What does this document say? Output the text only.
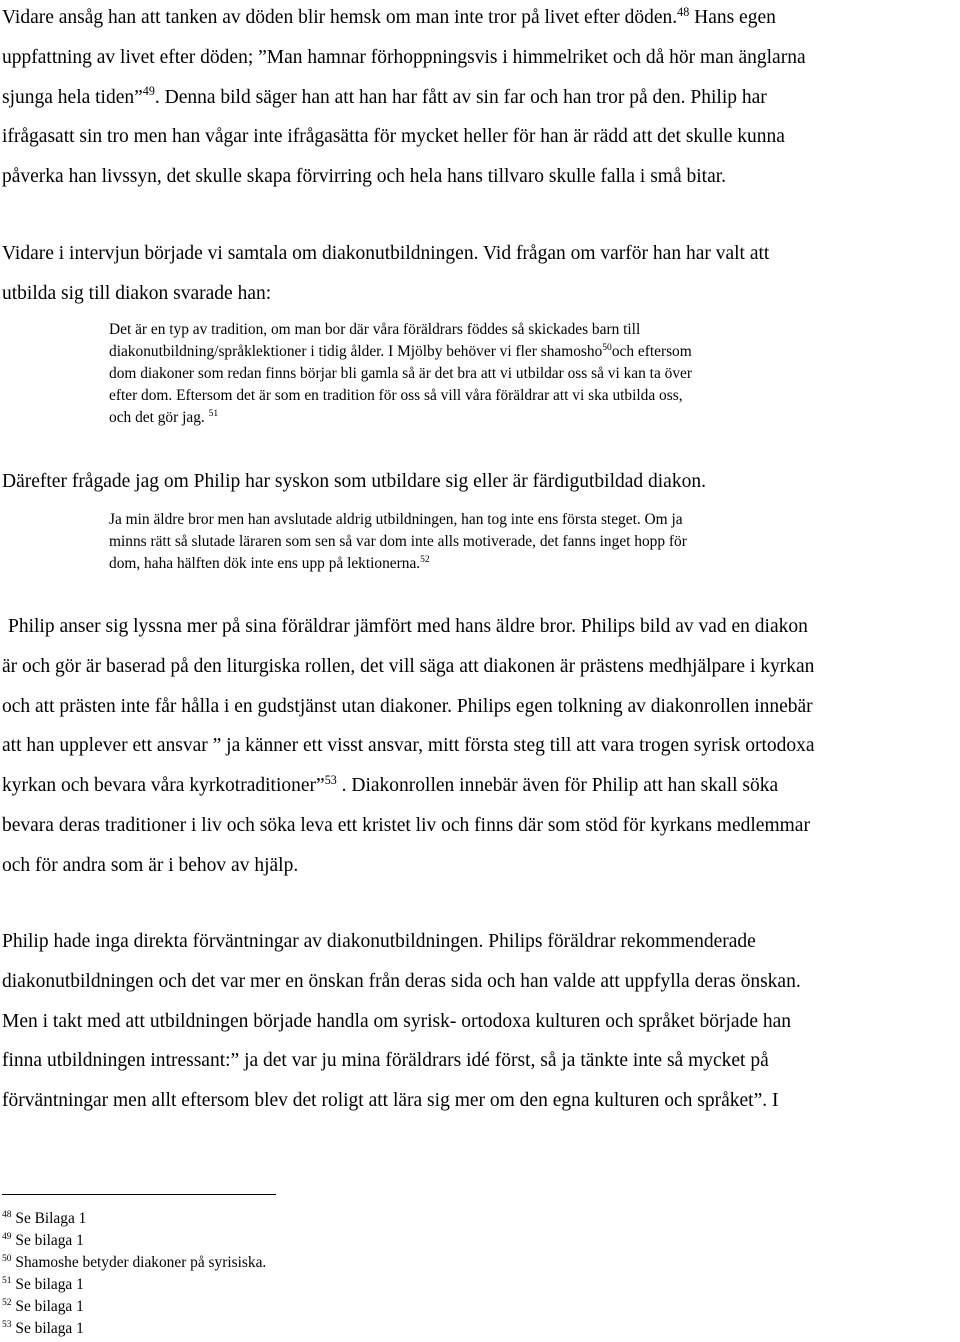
Vidare ansåg han att tanken av döden blir hemsk om man inte tror på livet efter döden.$^{48}$ Hans egen
uppfattning av livet efter döden; ”Man hamnar förhoppningsvis i himmelriket och då hör man änglarna
sjunga hela tiden”$^{49}$. Denna bild säger han att han har fått av sin far och han tror på den. Philip har
ifrågasatt sin tro men han vågar inte ifrågasätta för mycket heller för han är rädd att det skulle kunna
påverka han livssyn, det skulle skapa förvirring och hela hans tillvaro skulle falla i små bitar.
Vidare i intervjun började vi samtala om diakonutbildningen. Vid frågan om varför han har valt att
utbilda sig till diakon svarade han:
Det är en typ av tradition, om man bor där våra föräldrars föddes så skickades barn till
diakonutbildning/språklektioner i tidig ålder. I Mjölby behöver vi fler shamosho$^{50}$och eftersom
dom diakoner som redan finns börjar bli gamla så är det bra att vi utbildar oss så vi kan ta över
efter dom. Eftersom det är som en tradition för oss så vill våra föräldrar att vi ska utbilda oss,
och det gör jag. $^{51}$
Därefter frågade jag om Philip har syskon som utbildare sig eller är färdigutbildad diakon.
Ja min äldre bror men han avslutade aldrig utbildningen, han tog inte ens första steget. Om ja
minns rätt så slutade läraren som sen så var dom inte alls motiverade, det fanns inget hopp för
dom, haha hälften dök inte ens upp på lektionerna.$^{52}$
Philip anser sig lyssna mer på sina föräldrar jämfört med hans äldre bror. Philips bild av vad en diakon
är och gör är baserad på den liturgiska rollen, det vill säga att diakonen är prästens medhjälpare i kyrkan
och att prästen inte får hålla i en gudstjänst utan diakoner. Philips egen tolkning av diakonrollen innebär
att han upplever ett ansvar ” ja känner ett visst ansvar, mitt första steg till att vara trogen syrisk ortodoxa
kyrkan och bevara våra kyrkotraditioner”$^{53}$ . Diakonrollen innebär även för Philip att han skall söka
bevara deras traditioner i liv och söka leva ett kristet liv och finns där som stöd för kyrkans medlemmar
och för andra som är i behov av hjälp.
Philip hade inga direkta förväntningar av diakonutbildningen. Philips föräldrar rekommenderade
diakonutbildningen och det var mer en önskan från deras sida och han valde att uppfylla deras önskan.
Men i takt med att utbildningen började handla om syrisk- ortodoxa kulturen och språket började han
finna utbildningen intressant:” ja det var ju mina föräldrars idé först, så ja tänkte inte så mycket på
förväntningar men allt eftersom blev det roligt att lära sig mer om den egna kulturen och språket”. I
$^{48}$ Se Bilaga 1
$^{49}$ Se bilaga 1
$^{50}$ Shamoshe betyder diakoner på syrisiska.
$^{51}$ Se bilaga 1
$^{52}$ Se bilaga 1
$^{53}$ Se bilaga 1
